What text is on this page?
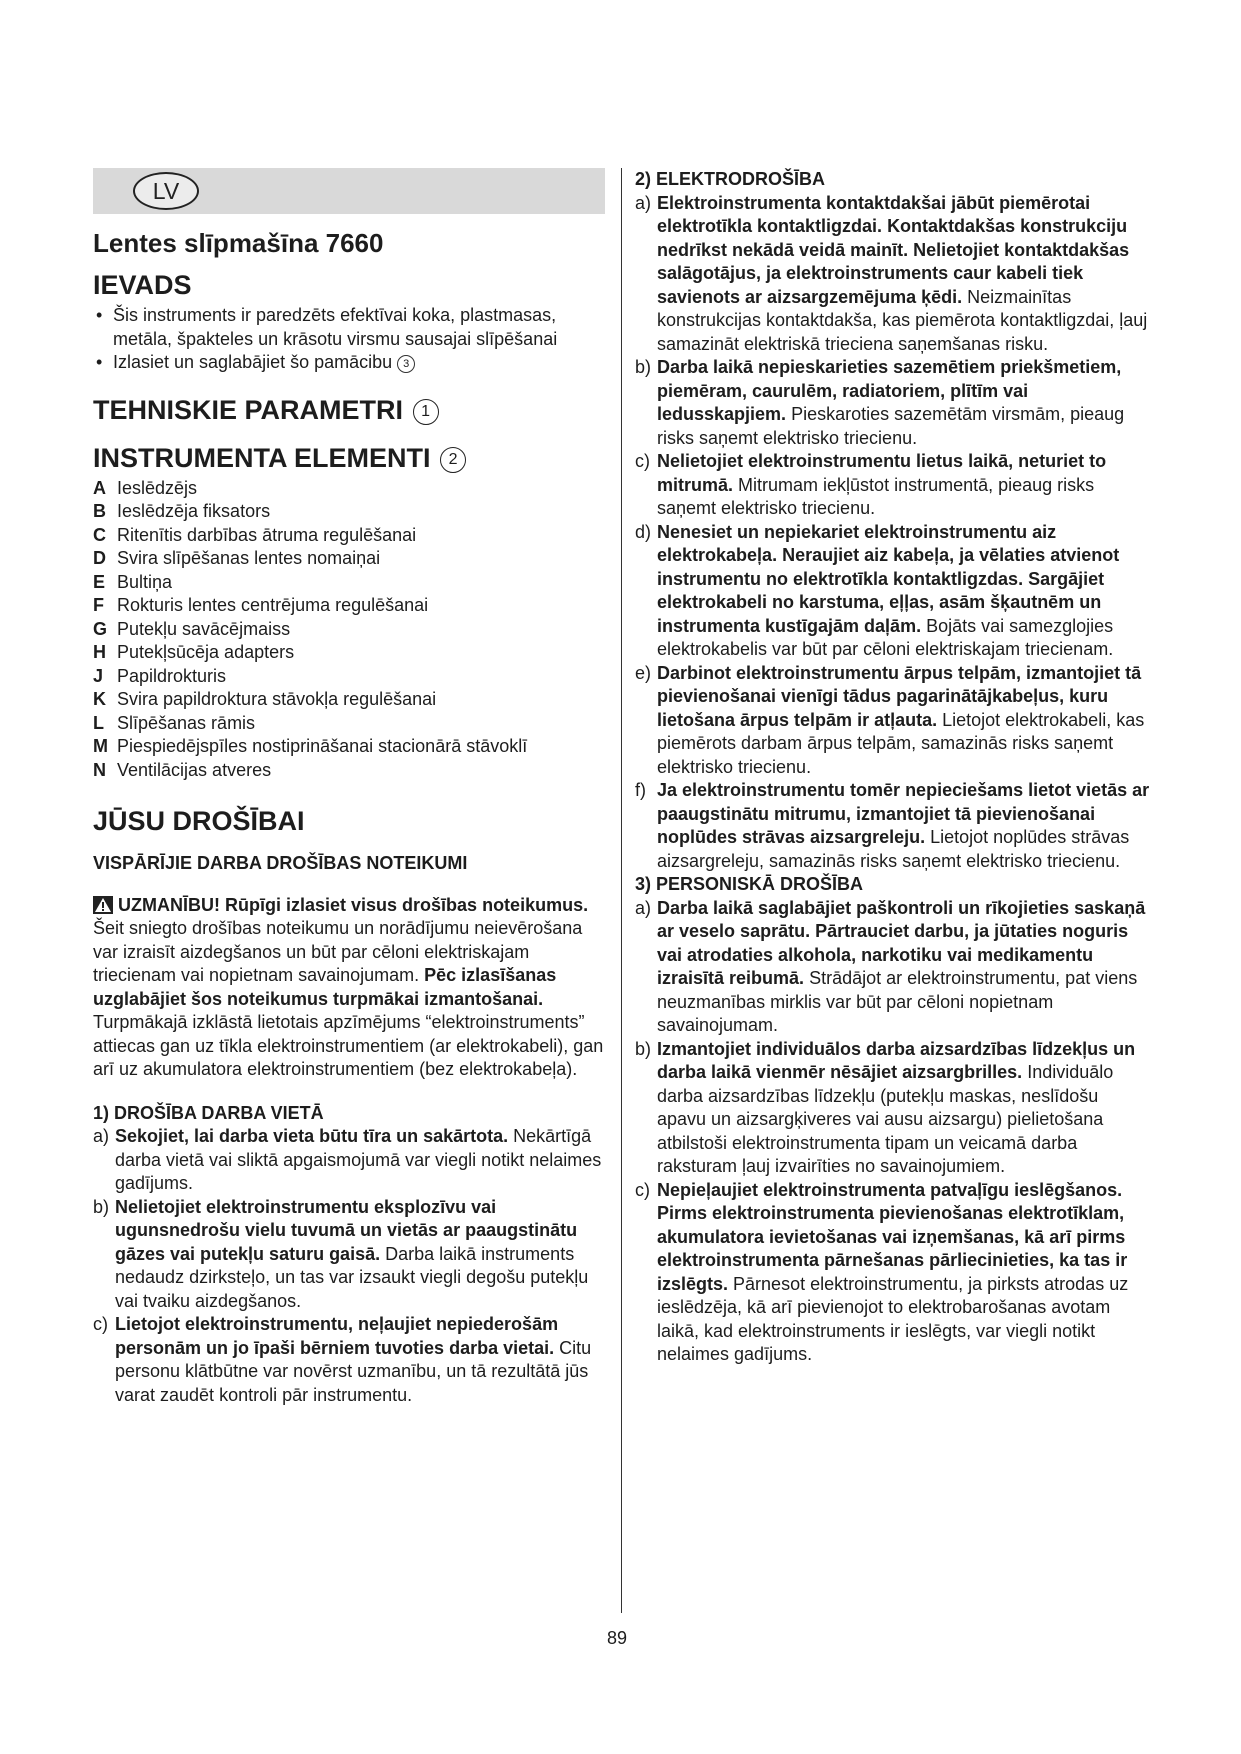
LV
Lentes slīpmašīna 7660
IEVADS
• Šis instruments ir paredzēts efektīvai koka, plastmasas, metāla, špakteles un krāsotu virsmu sausajai slīpēšanai
• Izlasiet un saglabājiet šo pamācibu 3
TEHNISKIE PARAMETRI 1
INSTRUMENTA ELEMENTI 2
A Ieslēdzējs
B Ieslēdzēja fiksators
C Ritenītis darbības ātruma regulēšanai
D Svira slīpēšanas lentes nomaiņai
E Bultiņa
F Rokturis lentes centrējuma regulēšanai
G Putekļu savācējmaiss
H Putekļsūcēja adapters
J Papildrokturis
K Svira papildroktura stāvokļa regulēšanai
L Slīpēšanas rāmis
M Piespiedējspīles nostiprināšanai stacionārā stāvoklī
N Ventilācijas atveres
JŪSU DROŠĪBAI
VISPĀRĪJIE DARBA DROŠĪBAS NOTEIKUMI

UZMANĪBU! Rūpīgi izlasiet visus drošības noteikumus. Šeit sniegto drošības noteikumu un norādījumu neievērošana var izraisīt aizdegšanos un būt par cēloni elektriskajam triecienam vai nopietnam savainojumam. Pēc izlasīšanas uzglabājiet šos noteikumus turpmākai izmantošanai. Turpmākajā izklāstā lietotais apzīmējums “elektroinstruments” attiecas gan uz tīkla elektroinstrumentiem (ar elektrokabeli), gan arī uz akumulatora elektroinstrumentiem (bez elektrokabeļa).

1) DROŠĪBA DARBA VIETĀ

a) Sekojiet, lai darba vieta būtu tīra un sakārtota. Nekārtīgā darba vietā vai sliktā apgaismojumā var viegli notikt nelaimes gadījums.

b) Nelietojiet elektroinstrumentu eksplozīvu vai ugunsnedrošu vielu tuvumā un vietās ar paaugstinātu gāzes vai putekļu saturu gaisā. Darba laikā instruments nedaudz dzirksteļo, un tas var izsaukt viegli degošu putekļu vai tvaiku aizdegšanos.

c) Lietojot elektroinstrumentu, neļaujiet nepiederošām personām un jo īpaši bērniem tuvoties darba vietai. Citu personu klātbūtne var novērst uzmanību, un tā rezultātā jūs varat zaudēt kontroli pār instrumentu.

2) ELEKTRODROŠĪBA

a) Elektroinstrumenta kontaktdakšai jābūt piemērotai elektrotīkla kontaktligzdai. Kontaktdakšas konstrukciju nedrīkst nekādā veidā mainīt. Nelietojiet kontaktdakšas salāgotājus, ja elektroinstruments caur kabeli tiek savienots ar aizsargzemējuma ķēdi. Neizmainītas konstrukcijas kontaktdakša, kas piemērota kontaktligzdai, ļauj samazināt elektriskā trieciena saņemšanas risku.

b) Darba laikā nepieskarieties sazemētiem priekšmetiem, piemēram, caurulēm, radiatoriem, plītīm vai ledusskapjiem. Pieskaroties sazemētām virsmām, pieaug risks saņemt elektrisko triecienu.

c) Nelietojiet elektroinstrumentu lietus laikā, neturiet to mitrumā. Mitrumam iekļūstot instrumentā, pieaug risks saņemt elektrisko triecienu.

d) Nenesiet un nepiekariet elektroinstrumentu aiz elektrokabeļa. Neraujiet aiz kabeļa, ja vēlaties atvienot instrumentu no elektrotīkla kontaktligzdas. Sargājiet elektrokabeli no karstuma, eļļas, asām šķautnēm un instrumenta kustīgajām daļām. Bojāts vai samezglojies elektrokabelis var būt par cēloni elektriskajam triecienam.

e) Darbinot elektroinstrumentu ārpus telpām, izmantojiet tā pievienošanai vienīgi tādus pagarinātājkabeļus, kuru lietošana ārpus telpām ir atļauta. Lietojot elektrokabeli, kas piemērots darbam ārpus telpām, samazinās risks saņemt elektrisko triecienu.

f) Ja elektroinstrumentu tomēr nepieciešams lietot vietās ar paaugstinātu mitrumu, izmantojiet tā pievienošanai noplūdes strāvas aizsargreleju. Lietojot noplūdes strāvas aizsargreleju, samazinās risks saņemt elektrisko triecienu.

3) PERSONISKĀ DROŠĪBA

a) Darba laikā saglabājiet paškontroli un rīkojieties saskaņā ar veselo saprātu. Pārtrauciet darbu, ja jūtaties noguris vai atrodaties alkohola, narkotiku vai medikamentu izraisītā reibumā. Strādājot ar elektroinstrumentu, pat viens neuzmanības mirklis var būt par cēloni nopietnam savainojumam.

b) Izmantojiet individuālos darba aizsardzības līdzekļus un darba laikā vienmēr nēsājiet aizsargbrilles. Individuālo darba aizsardzības līdzekļu (putekļu maskas, neslīdošu apavu un aizsargķiveres vai ausu aizsargu) pielietošana atbilstoši elektroinstrumenta tipam un veicamā darba raksturam ļauj izvairīties no savainojumiem.

c) Nepieļaujiet elektroinstrumenta patvaļīgu ieslēgšanos. Pirms elektroinstrumenta pievienošanas elektrotīklam, akumulatora ievietošanas vai izņemšanas, kā arī pirms elektroinstrumenta pārnešanas pārliecinieties, ka tas ir izslēgts. Pārnesot elektroinstrumentu, ja pirksts atrodas uz ieslēdzēja, kā arī pievienojot to elektrobarošanas avotam laikā, kad elektroinstruments ir ieslēgts, var viegli notikt nelaimes gadījums.

89
